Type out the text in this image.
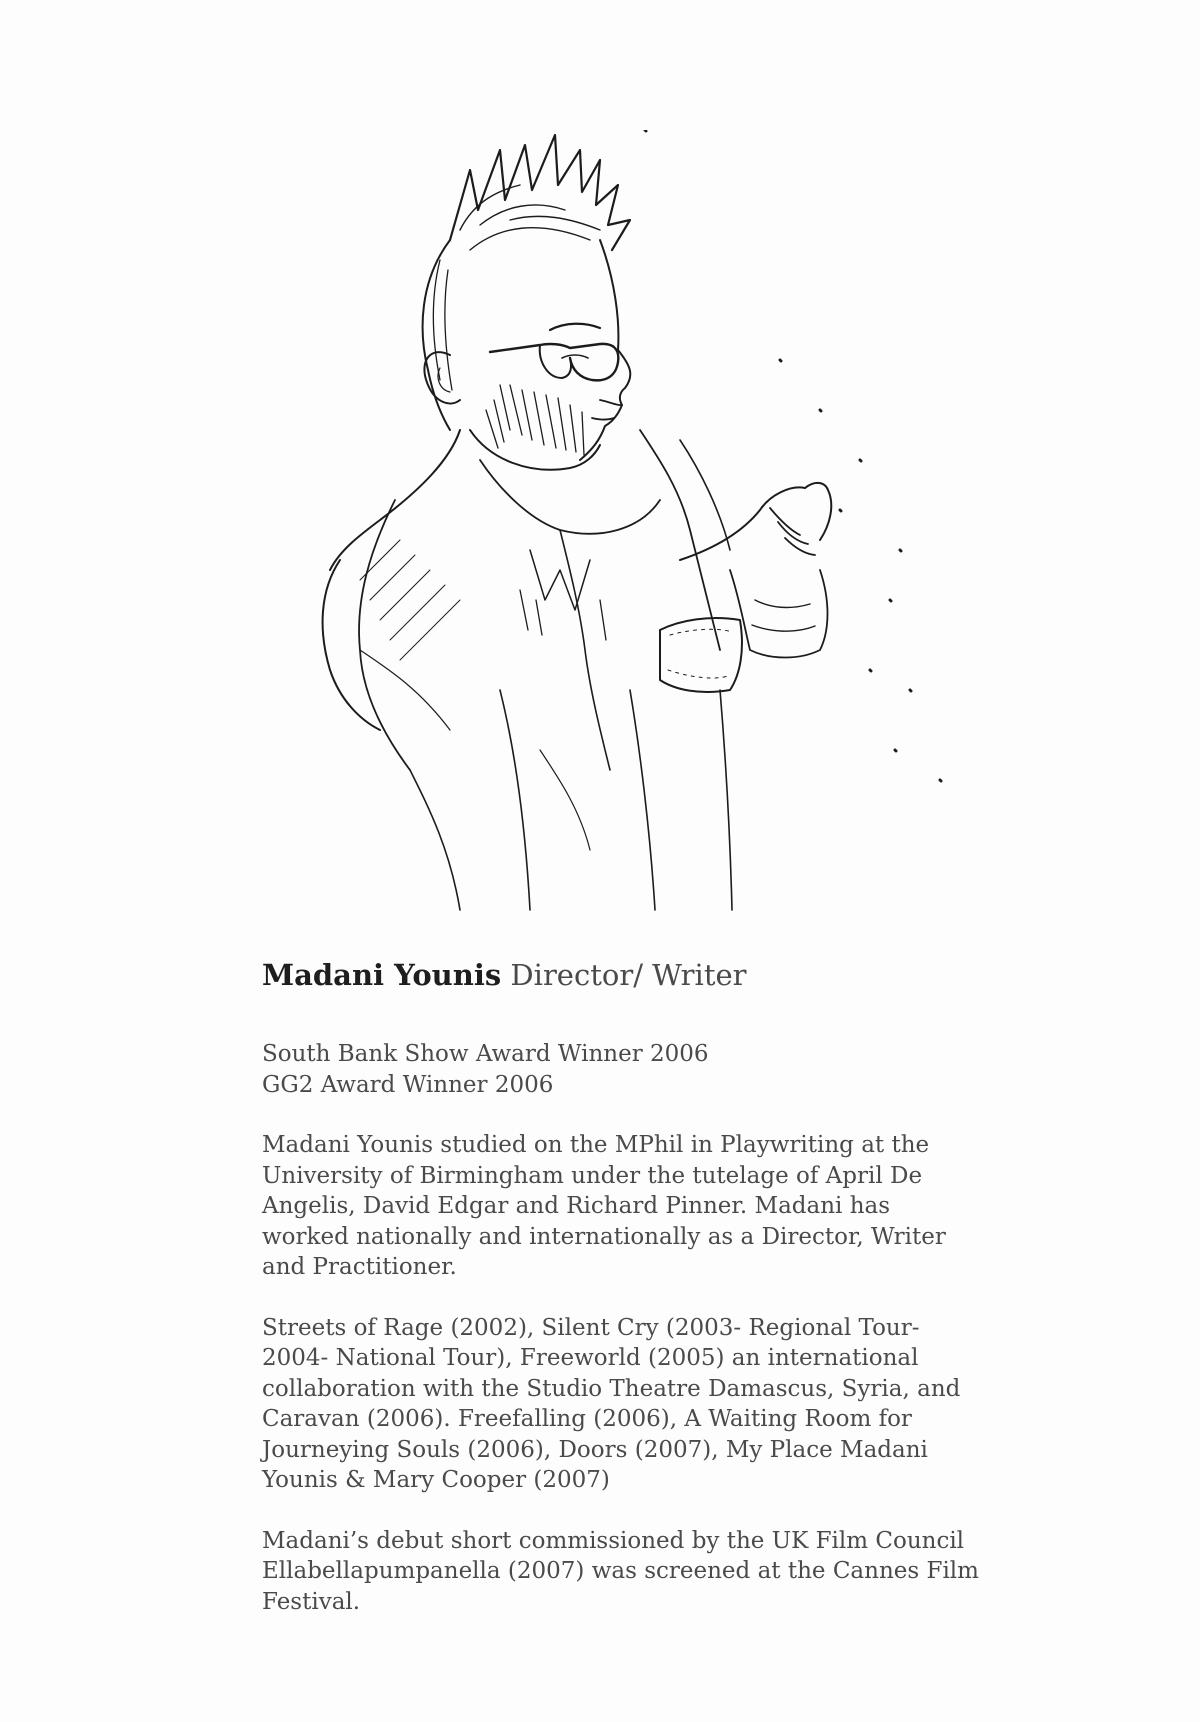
Madani Younis Director/ Writer

South Bank Show Award Winner 2006
GG2 Award Winner 2006

Madani Younis studied on the MPhil in Playwriting at the
University of Birmingham under the tutelage of April De
Angelis, David Edgar and Richard Pinner. Madani has
worked nationally and internationally as a Director, Writer
and Practitioner.

Streets of Rage (2002), Silent Cry (2003- Regional Tour-
2004- National Tour), Freeworld (2005) an international
collaboration with the Studio Theatre Damascus, Syria, and
Caravan (2006). Freefalling (2006), A Waiting Room for
Journeying Souls (2006), Doors (2007), My Place Madani
Younis & Mary Cooper (2007)

Madani’s debut short commissioned by the UK Film Council
Ellabellapumpanella (2007) was screened at the Cannes Film
Festival.
